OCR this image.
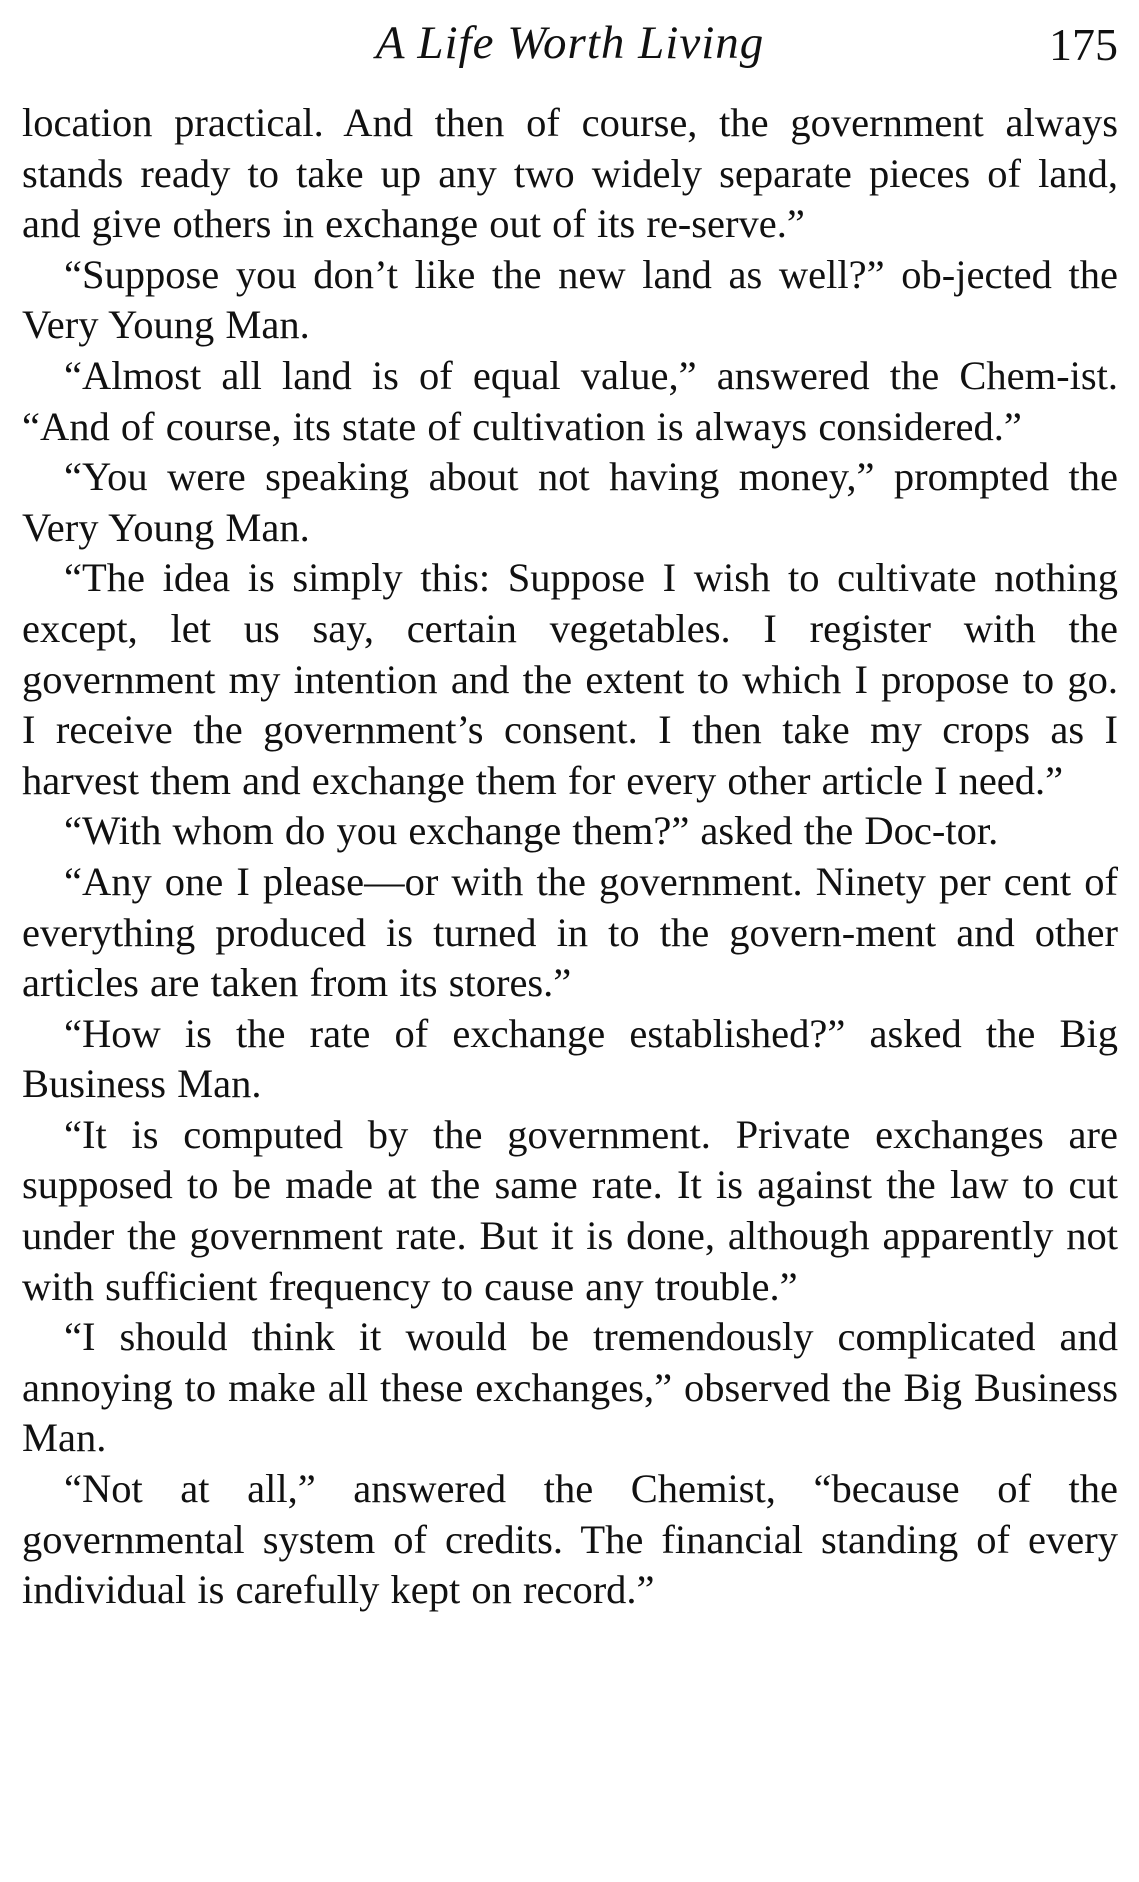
A Life Worth Living	175

location practical. And then of course, the government always stands ready to take up any two widely separate pieces of land, and give others in exchange out of its re-serve.”

“Suppose you don’t like the new land as well?” ob-jected the Very Young Man.

“Almost all land is of equal value,” answered the Chem-ist. “And of course, its state of cultivation is always considered.”

“You were speaking about not having money,” prompted the Very Young Man.

“The idea is simply this: Suppose I wish to cultivate nothing except, let us say, certain vegetables. I register with the government my intention and the extent to which I propose to go. I receive the government’s consent. I then take my crops as I harvest them and exchange them for every other article I need.”

“With whom do you exchange them?” asked the Doc-tor.

“Any one I please—or with the government. Ninety per cent of everything produced is turned in to the govern-ment and other articles are taken from its stores.”

“How is the rate of exchange established?” asked the Big Business Man.

“It is computed by the government. Private exchanges are supposed to be made at the same rate. It is against the law to cut under the government rate. But it is done, although apparently not with sufficient frequency to cause any trouble.”

“I should think it would be tremendously complicated and annoying to make all these exchanges,” observed the Big Business Man.

“Not at all,” answered the Chemist, “because of the governmental system of credits. The financial standing of every individual is carefully kept on record.”
